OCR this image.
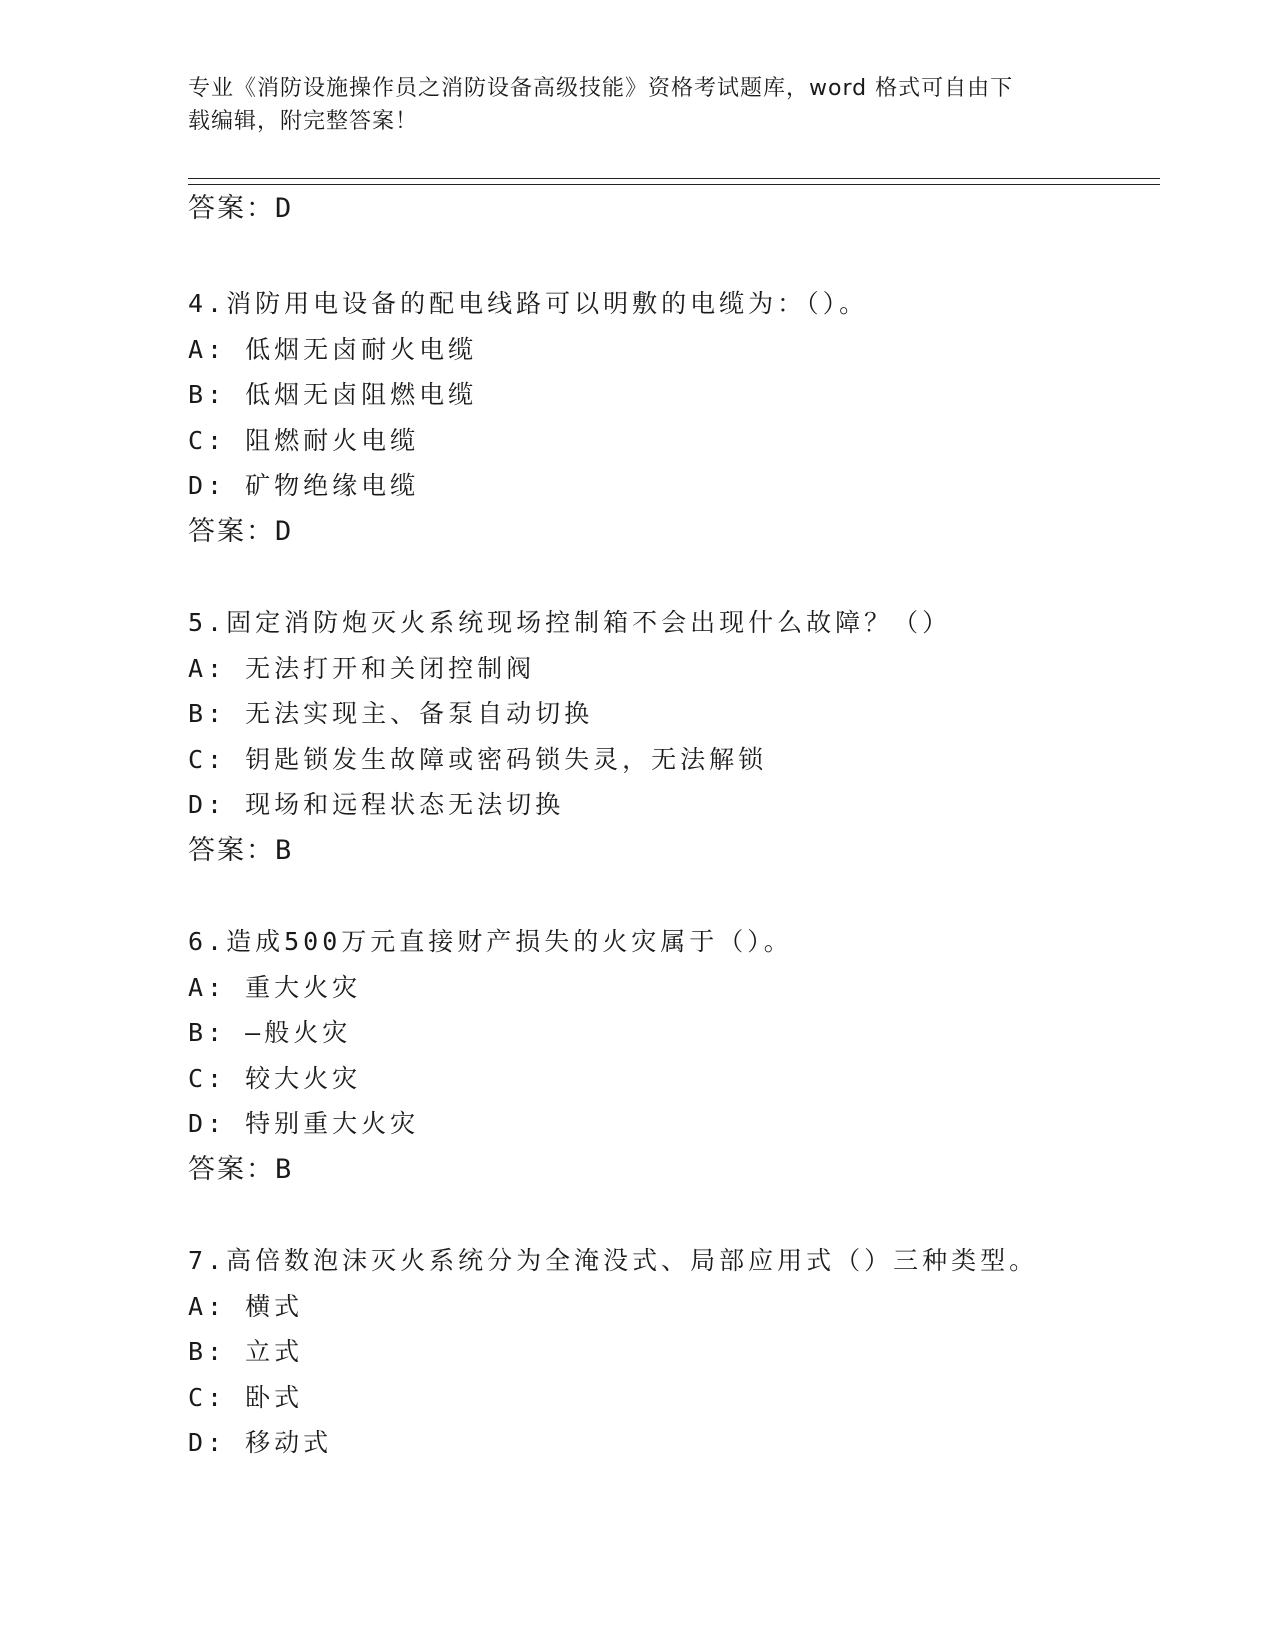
专业《消防设施操作员之消防设备高级技能》资格考试题库，word 格式可自由下

载编辑，附完整答案！

答案：D
4.消防用电设备的配电线路可以明敷的电缆为：（）。
A: 低烟无卤耐火电缆
B: 低烟无卤阻燃电缆
C: 阻燃耐火电缆
D: 矿物绝缘电缆
答案：D
5.固定消防炮灭火系统现场控制箱不会出现什么故障？（）
A: 无法打开和关闭控制阀
B: 无法实现主、备泵自动切换
C: 钥匙锁发生故障或密码锁失灵，无法解锁
D: 现场和远程状态无法切换
答案：B
6.造成500万元直接财产损失的火灾属于（）。
A: 重大火灾
B: —般火灾
C: 较大火灾
D: 特别重大火灾
答案：B
7.高倍数泡沫灭火系统分为全淹没式、局部应用式（）三种类型。
A: 横式
B: 立式
C: 卧式
D: 移动式
